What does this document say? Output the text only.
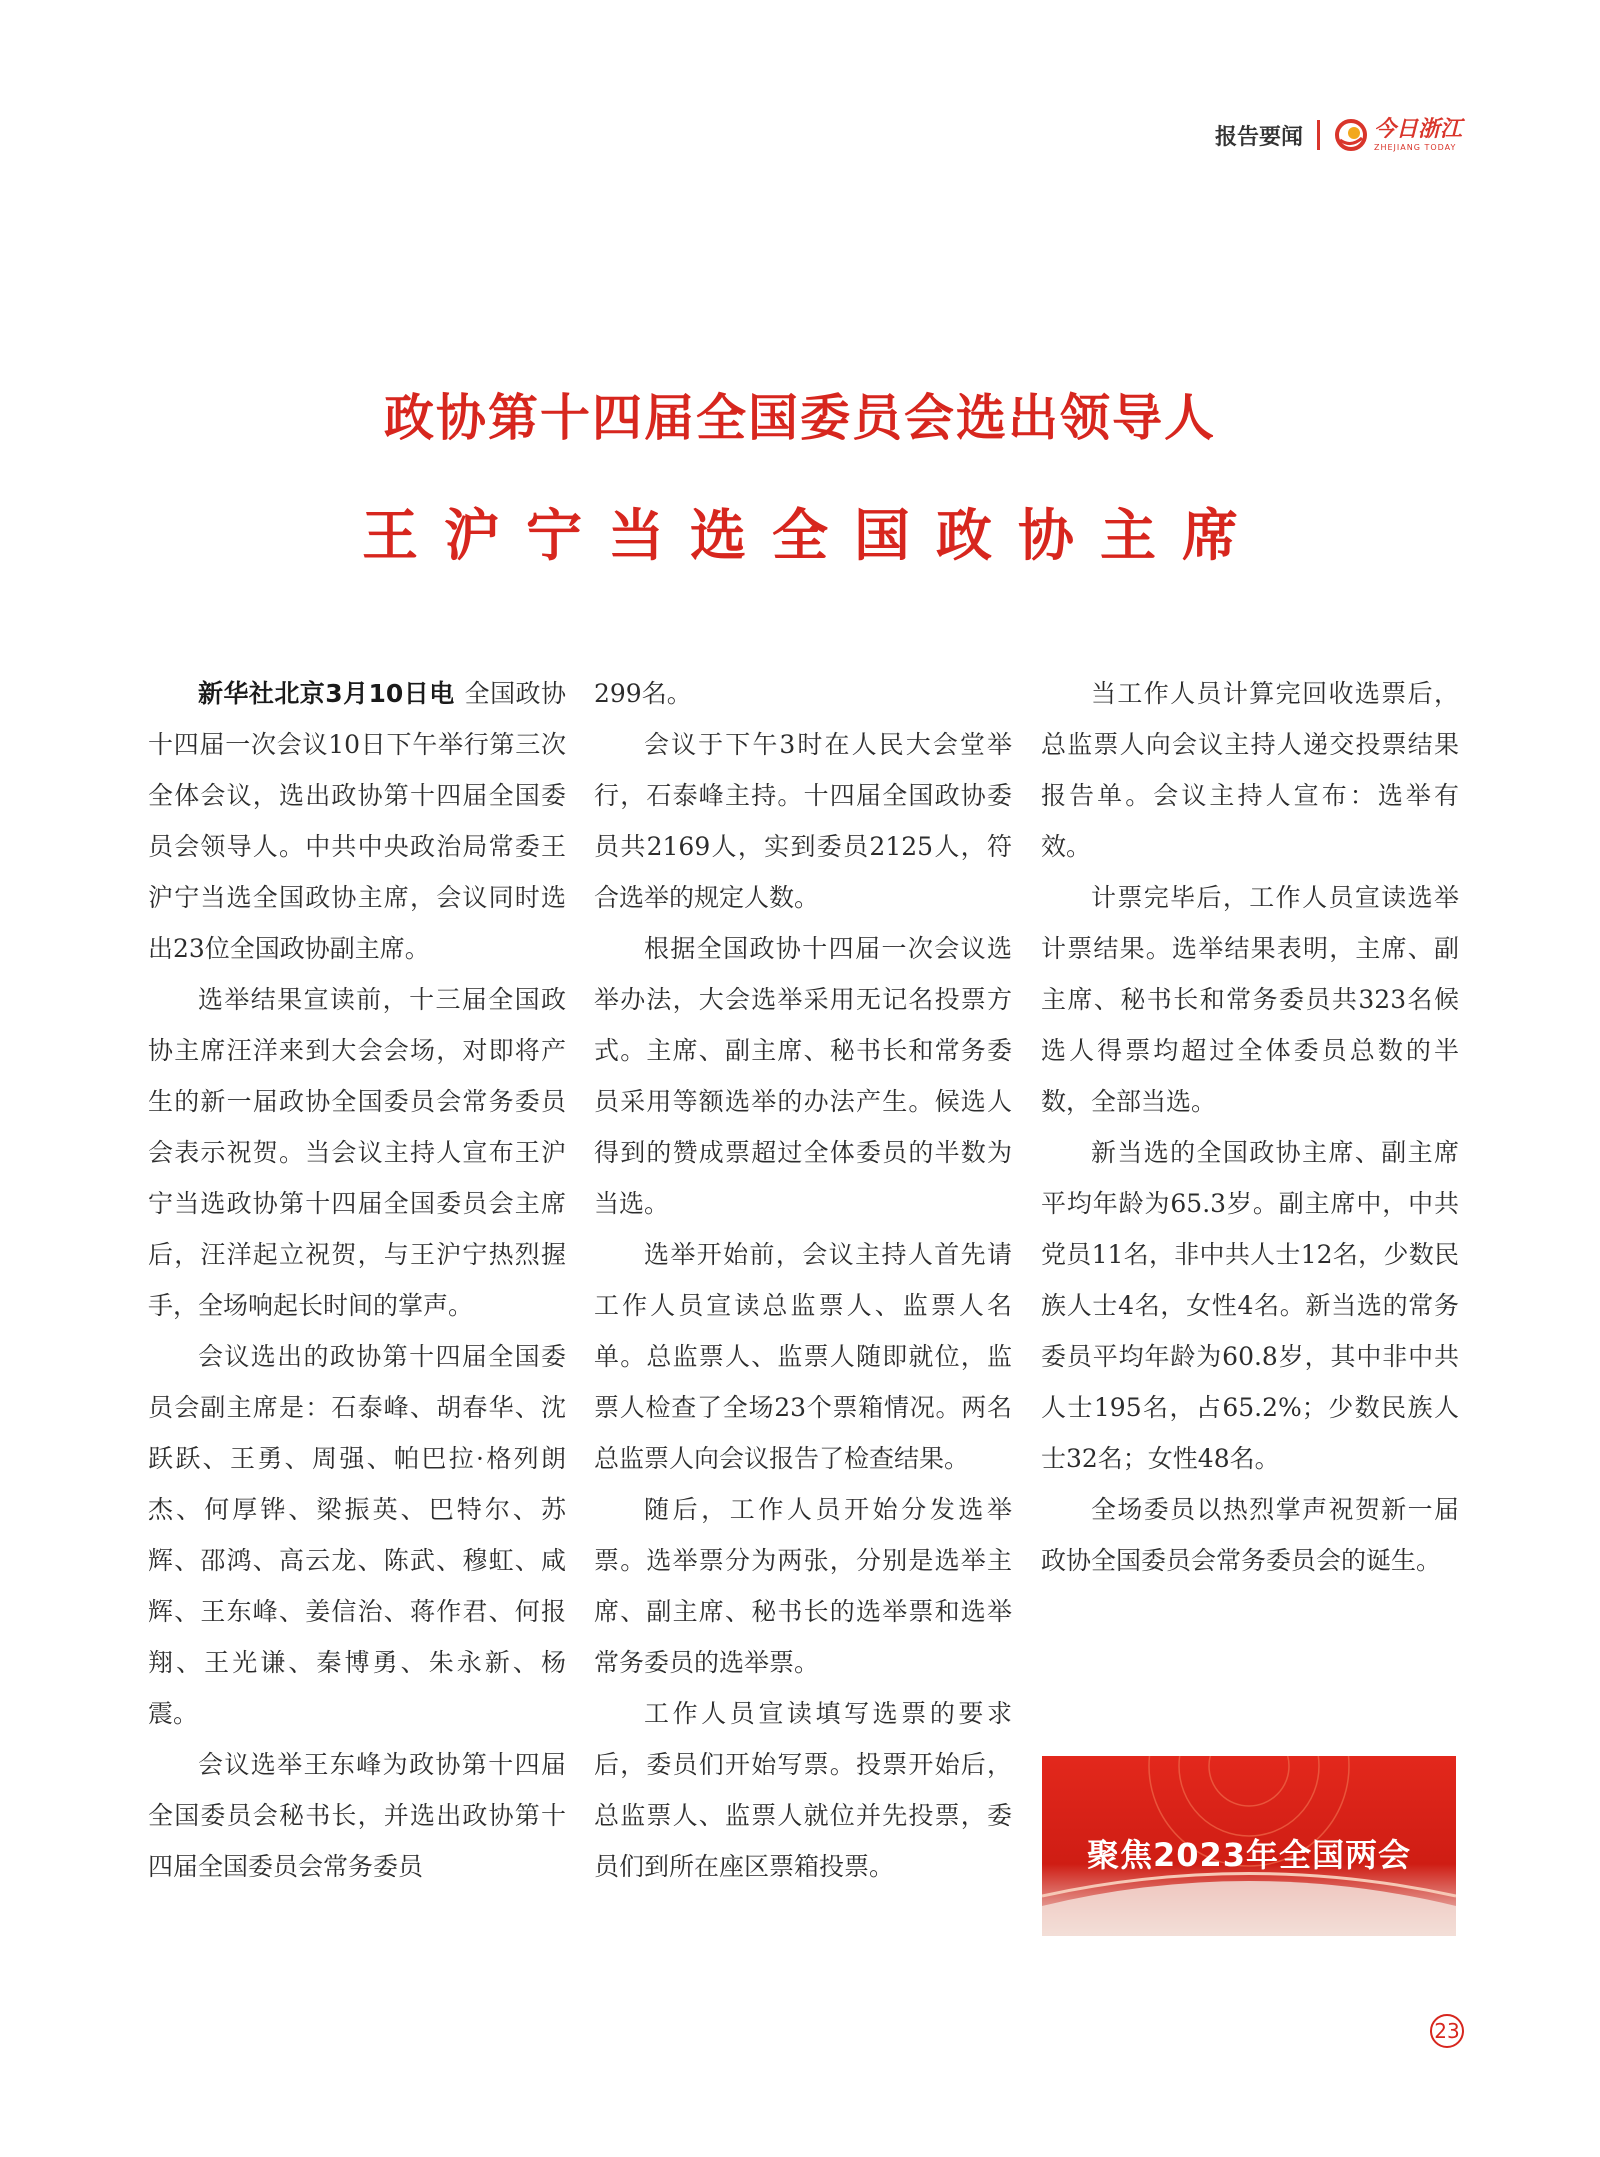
报告要闻	今日浙江
ZHEJIANG TODAY
政协第十四届全国委员会选出领导人
王沪宁当选全国政协主席

新华社北京3月10日电 全国政协十四届一次会议10日下午举行第三次全体会议，选出政协第十四届全国委员会领导人。中共中央政治局常委王沪宁当选全国政协主席，会议同时选出23位全国政协副主席。

选举结果宣读前，十三届全国政协主席汪洋来到大会会场，对即将产生的新一届政协全国委员会常务委员会表示祝贺。当会议主持人宣布王沪宁当选政协第十四届全国委员会主席后，汪洋起立祝贺，与王沪宁热烈握手，全场响起长时间的掌声。

会议选出的政协第十四届全国委员会副主席是：石泰峰、胡春华、沈跃跃、王勇、周强、帕巴拉·格列朗杰、何厚铧、梁振英、巴特尔、苏辉、邵鸿、高云龙、陈武、穆虹、咸辉、王东峰、姜信治、蒋作君、何报翔、王光谦、秦博勇、朱永新、杨震。

会议选举王东峰为政协第十四届全国委员会秘书长，并选出政协第十四届全国委员会常务委员

299名。

会议于下午3时在人民大会堂举行，石泰峰主持。十四届全国政协委员共2169人，实到委员2125人，符合选举的规定人数。

根据全国政协十四届一次会议选举办法，大会选举采用无记名投票方式。主席、副主席、秘书长和常务委员采用等额选举的办法产生。候选人得到的赞成票超过全体委员的半数为当选。

选举开始前，会议主持人首先请工作人员宣读总监票人、监票人名单。总监票人、监票人随即就位，监票人检查了全场23个票箱情况。两名总监票人向会议报告了检查结果。

随后，工作人员开始分发选举票。选举票分为两张，分别是选举主席、副主席、秘书长的选举票和选举常务委员的选举票。

工作人员宣读填写选票的要求后，委员们开始写票。投票开始后，总监票人、监票人就位并先投票，委员们到所在座区票箱投票。

当工作人员计算完回收选票后，总监票人向会议主持人递交投票结果报告单。会议主持人宣布：选举有效。

计票完毕后，工作人员宣读选举计票结果。选举结果表明，主席、副主席、秘书长和常务委员共323名候选人得票均超过全体委员总数的半数，全部当选。

新当选的全国政协主席、副主席平均年龄为65.3岁。副主席中，中共党员11名，非中共人士12名，少数民族人士4名，女性4名。新当选的常务委员平均年龄为60.8岁，其中非中共人士195名，占65.2%；少数民族人士32名；女性48名。

全场委员以热烈掌声祝贺新一届政协全国委员会常务委员会的诞生。

聚焦2023年全国两会
23
